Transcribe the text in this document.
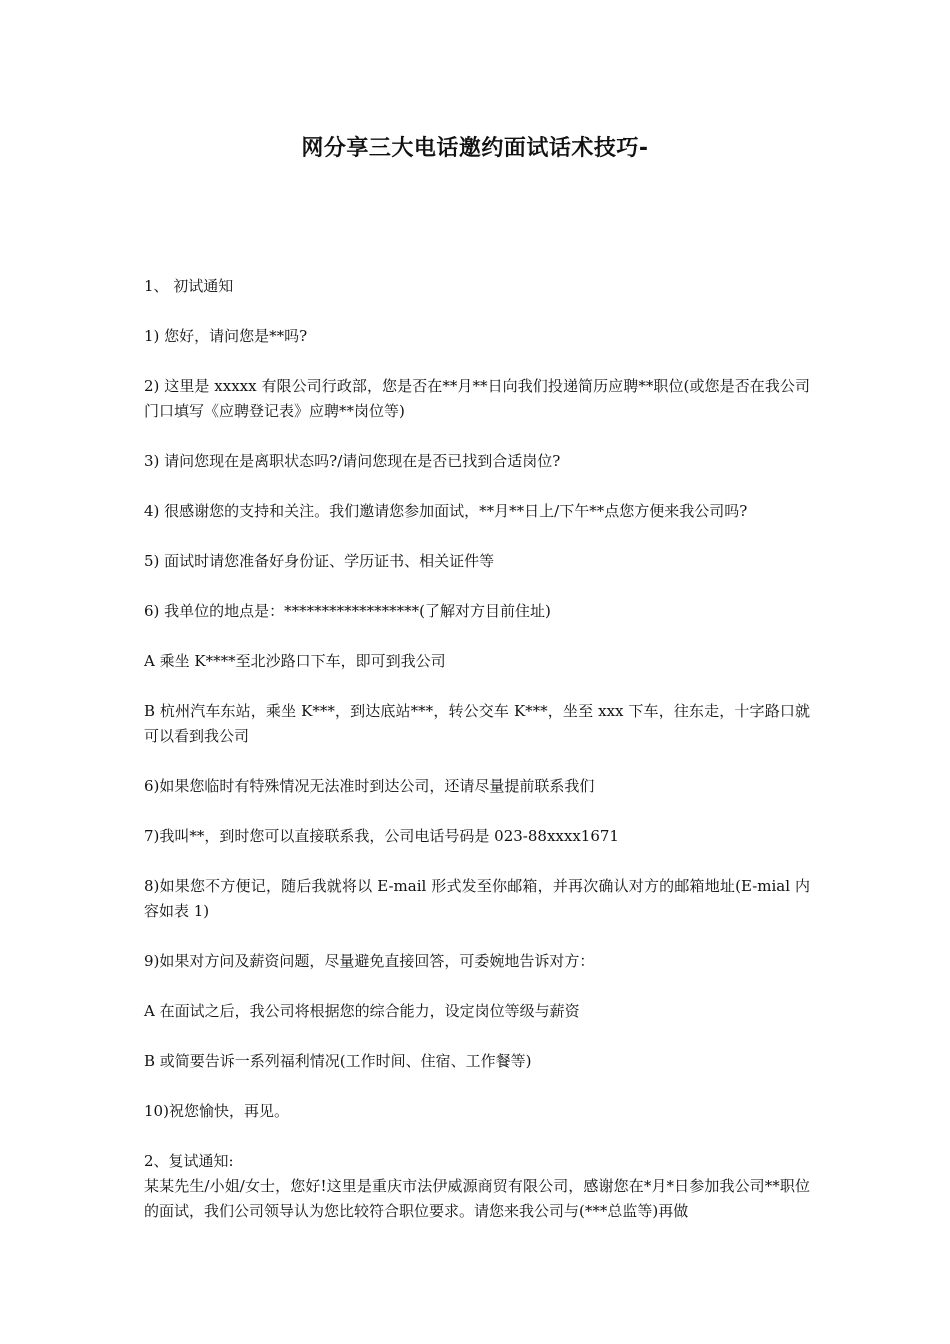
网分享三大电话邀约面试话术技巧-

1、 初试通知

1) 您好，请问您是**吗?

2) 这里是 xxxxx 有限公司行政部，您是否在**月**日向我们投递简历应聘**职位(或您是否在我公司门口填写《应聘登记表》应聘**岗位等)

3) 请问您现在是离职状态吗?/请问您现在是否已找到合适岗位?

4) 很感谢您的支持和关注。我们邀请您参加面试，**月**日上/下午**点您方便来我公司吗?

5) 面试时请您准备好身份证、学历证书、相关证件等

6) 我单位的地点是：******************(了解对方目前住址)

A 乘坐 K****至北沙路口下车，即可到我公司

B 杭州汽车东站，乘坐 K***，到达底站***，转公交车 K***，坐至 xxx 下车，往东走，十字路口就可以看到我公司

6)如果您临时有特殊情况无法准时到达公司，还请尽量提前联系我们

7)我叫**，到时您可以直接联系我，公司电话号码是 023-88xxxx1671

8)如果您不方便记，随后我就将以 E-mail 形式发至你邮箱，并再次确认对方的邮箱地址(E-mial 内容如表 1)

9)如果对方问及薪资问题，尽量避免直接回答，可委婉地告诉对方：

A 在面试之后，我公司将根据您的综合能力，设定岗位等级与薪资

B 或简要告诉一系列福利情况(工作时间、住宿、工作餐等)

10)祝您愉快，再见。

2、复试通知:

某某先生/小姐/女士，您好!这里是重庆市法伊威源商贸有限公司，感谢您在*月*日参加我公司**职位的面试，我们公司领导认为您比较符合职位要求。请您来我公司与(***总监等)再做
